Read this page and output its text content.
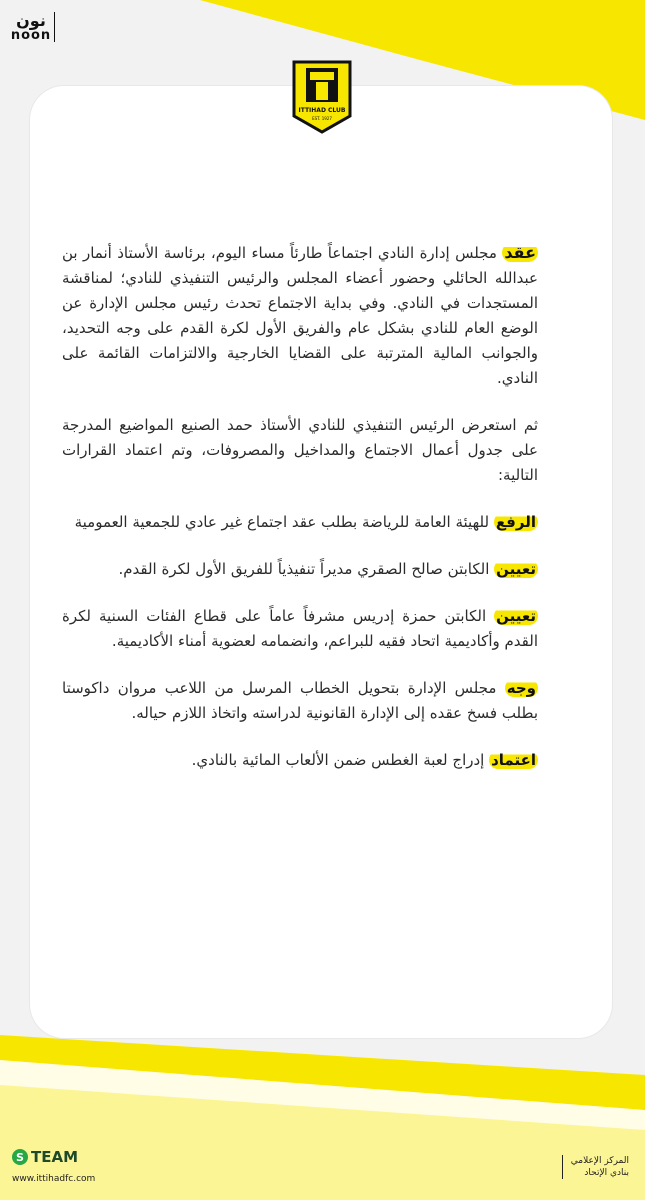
نون
noon
ITTIHAD CLUB
EST. 1927

عقد مجلس إدارة النادي اجتماعاً طارئاً مساء اليوم، برئاسة الأستاذ أنمار بن عبدالله الحائلي وحضور أعضاء المجلس والرئيس التنفيذي للنادي؛ لمناقشة المستجدات في النادي. وفي بداية الاجتماع تحدث رئيس مجلس الإدارة عن الوضع العام للنادي بشكل عام والفريق الأول لكرة القدم على وجه التحديد، والجوانب المالية المترتبة على القضايا الخارجية والالتزامات القائمة على النادي.

ثم استعرض الرئيس التنفيذي للنادي الأستاذ حمد الصنيع المواضيع المدرجة على جدول أعمال الاجتماع والمداخيل والمصروفات، وتم اعتماد القرارات التالية:

الرفع للهيئة العامة للرياضة بطلب عقد اجتماع غير عادي للجمعية العمومية

تعيين الكابتن صالح الصقري مديراً تنفيذياً للفريق الأول لكرة القدم.

تعيين الكابتن حمزة إدريس مشرفاً عاماً على قطاع الفئات السنية لكرة القدم وأكاديمية اتحاد فقيه للبراعم، وانضمامه لعضوية أمناء الأكاديمية.

وجه مجلس الإدارة بتحويل الخطاب المرسل من اللاعب مروان داكوستا بطلب فسخ عقده إلى الإدارة القانونية لدراسته واتخاذ اللازم حياله.

اعتماد إدراج لعبة الغطس ضمن الألعاب المائية بالنادي.

S TEAM
www.ittihadfc.com
المركز الإعلامي
بنادي الإتحاد
